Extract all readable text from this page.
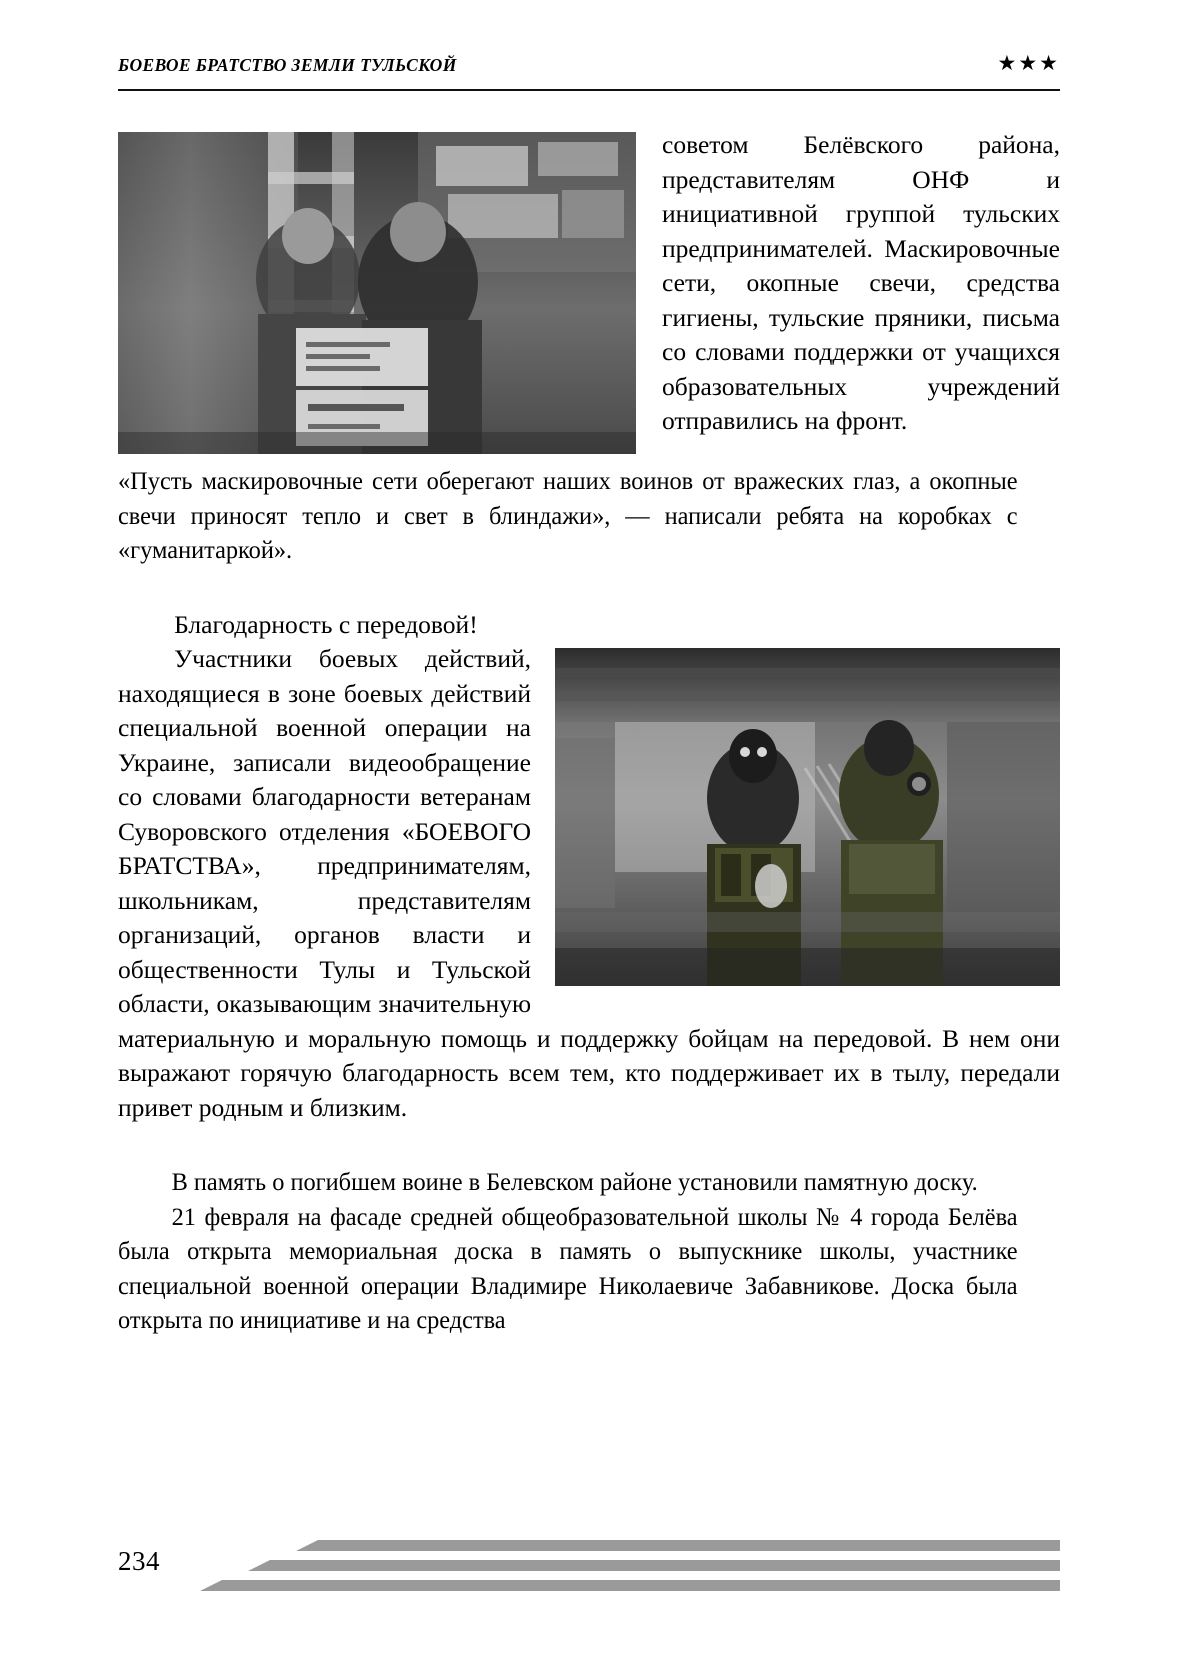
БОЕВОЕ БРАТСТВО ЗЕМЛИ ТУЛЬСКОЙ	★★★

советом Белёвского района, представителям ОНФ и инициативной группой тульских предпринимателей. Маскировочные сети, окопные свечи, средства гигиены, тульские пряники, письма со словами поддержки от учащихся образовательных учреждений отправились на фронт.

«Пусть маскировочные сети оберегают наших воинов от вражеских глаз, а окопные свечи приносят тепло и свет в блиндажи», — написали ребята на коробках с «гуманитаркой».

Благодарность с передовой!

Участники боевых действий, находящиеся в зоне боевых действий специальной военной операции на Украине, записали видеообращение со словами благодарности ветеранам Суворовского отделения «БОЕВОГО БРАТСТВА», предпринимателям, школьникам, представителям организаций, органов власти и общественности Тулы и Тульской области, оказывающим значительную материальную и моральную помощь и поддержку бойцам на передовой. В нем они выражают горячую благодарность всем тем, кто поддерживает их в тылу, передали привет родным и близким.

В память о погибшем воине в Белевском районе установили памятную доску.

21 февраля на фасаде средней общеобразовательной школы № 4 города Белёва была открыта мемориальная доска в память о выпускнике школы, участнике специальной военной операции Владимире Николаевиче Забавникове. Доска была открыта по инициативе и на средства

234
